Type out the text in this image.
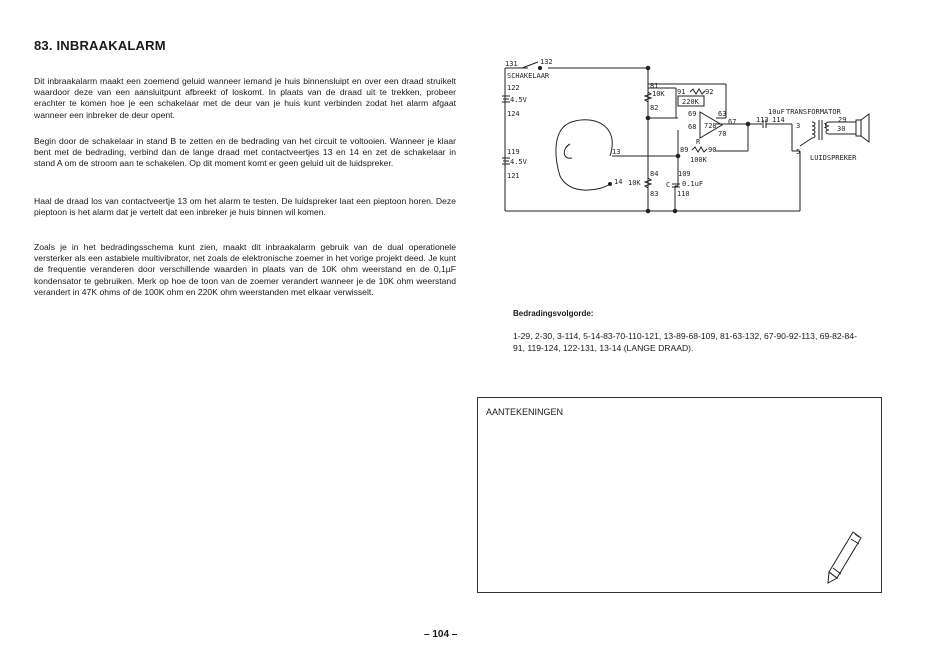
83. INBRAAKALARM

Dit inbraakalarm maakt een zoemend geluid wanneer iemand je huis binnensluipt en over een draad struikelt waardoor deze van een aansluitpunt afbreekt of loskomt. In plaats van de draad uit te trekken, probeer erachter te komen hoe je een schakelaar met de deur van je huis kunt verbinden zodat het alarm afgaat wanneer een inbreker de deur opent.

Begin door de schakelaar in stand B te zetten en de bedrading van het circuit te voltooien. Wanneer je klaar bent met de bedrading, verbind dan de lange draad met contactveertjes 13 en 14 en zet de schakelaar in stand A om de stroom aan te schakelen. Op dit moment komt er geen geluid uit de luidspreker.

Haal de draad los van contactveertje 13 om het alarm te testen. De luidspreker laat een pieptoon horen. Deze pieptoon is het alarm dat je vertelt dat een inbreker je huis binnen wil komen.

Zoals je in het bedradingsschema kunt zien, maakt dit inbraakalarm gebruik van de dual operationele versterker als een astabiele multivibrator, net zoals de elektronische zoemer in het vorige projekt deed. Je kunt de frequentie veranderen door verschillende waarden in plaats van de 10K ohm weerstand en de 0,1µF kondensator te gebruiken. Merk op hoe de toon van de zoemer verandert wanneer je de 10K ohm weerstand verandert in 47K ohms of de 100K ohm en 220K ohm weerstanden met elkaar verwisselt.

131	132
SCHAKELAAR
122
4.5V
124
119
4.5V
121
13
14
81
10K
82
91	92
220K
69
728
63
67
68
70
89
R
90
100K
84
10K
83
109
C 0.1uF
110
10uF
113 114
TRANSFORMATOR
3	1
29
30
5
LUIDSPREKER

Bedradingsvolgorde:

1-29, 2-30, 3-114, 5-14-83-70-110-121, 13-89-68-109, 81-63-132, 67-90-92-113, 69-82-84-91, 119-124, 122-131, 13-14 (LANGE DRAAD).

AANTEKENINGEN

– 104 –
